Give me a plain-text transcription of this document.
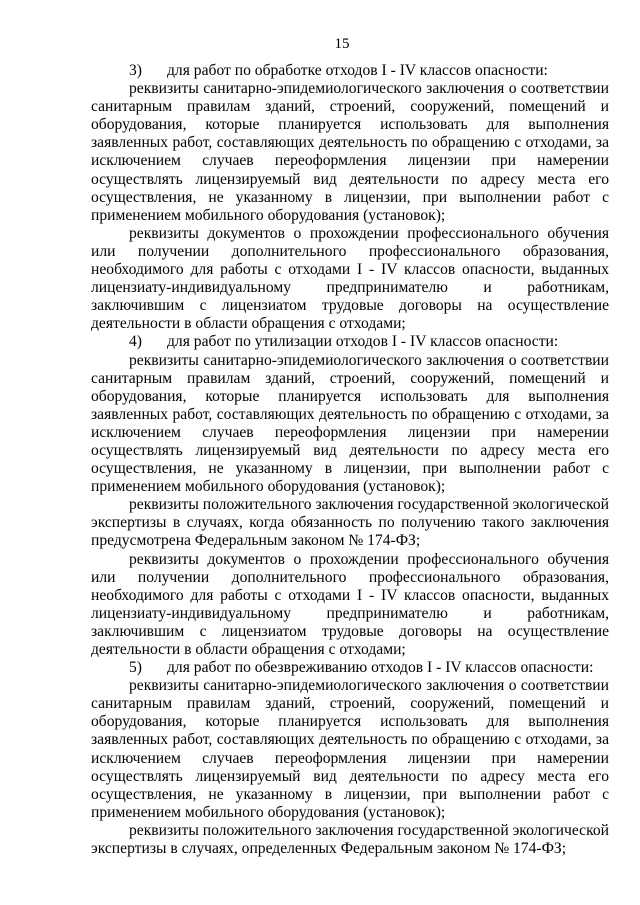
15

3) для работ по обработке отходов I - IV классов опасности:

реквизиты санитарно-эпидемиологического заключения о соответствии санитарным правилам зданий, строений, сооружений, помещений и оборудования, которые планируется использовать для выполнения заявленных работ, составляющих деятельность по обращению с отходами, за исключением случаев переоформления лицензии при намерении осуществлять лицензируемый вид деятельности по адресу места его осуществления, не указанному в лицензии, при выполнении работ с применением мобильного оборудования (установок);

реквизиты документов о прохождении профессионального обучения или получении дополнительного профессионального образования, необходимого для работы с отходами I - IV классов опасности, выданных лицензиату-индивидуальному предпринимателю и работникам, заключившим с лицензиатом трудовые договоры на осуществление деятельности в области обращения с отходами;

4) для работ по утилизации отходов I - IV классов опасности:

реквизиты санитарно-эпидемиологического заключения о соответствии санитарным правилам зданий, строений, сооружений, помещений и оборудования, которые планируется использовать для выполнения заявленных работ, составляющих деятельность по обращению с отходами, за исключением случаев переоформления лицензии при намерении осуществлять лицензируемый вид деятельности по адресу места его осуществления, не указанному в лицензии, при выполнении работ с применением мобильного оборудования (установок);

реквизиты положительного заключения государственной экологической экспертизы в случаях, когда обязанность по получению такого заключения предусмотрена Федеральным законом № 174-ФЗ;

реквизиты документов о прохождении профессионального обучения или получении дополнительного профессионального образования, необходимого для работы с отходами I - IV классов опасности, выданных лицензиату-индивидуальному предпринимателю и работникам, заключившим с лицензиатом трудовые договоры на осуществление деятельности в области обращения с отходами;

5) для работ по обезвреживанию отходов I - IV классов опасности:

реквизиты санитарно-эпидемиологического заключения о соответствии санитарным правилам зданий, строений, сооружений, помещений и оборудования, которые планируется использовать для выполнения заявленных работ, составляющих деятельность по обращению с отходами, за исключением случаев переоформления лицензии при намерении осуществлять лицензируемый вид деятельности по адресу места его осуществления, не указанному в лицензии, при выполнении работ с применением мобильного оборудования (установок);

реквизиты положительного заключения государственной экологической экспертизы в случаях, определенных Федеральным законом № 174-ФЗ;
